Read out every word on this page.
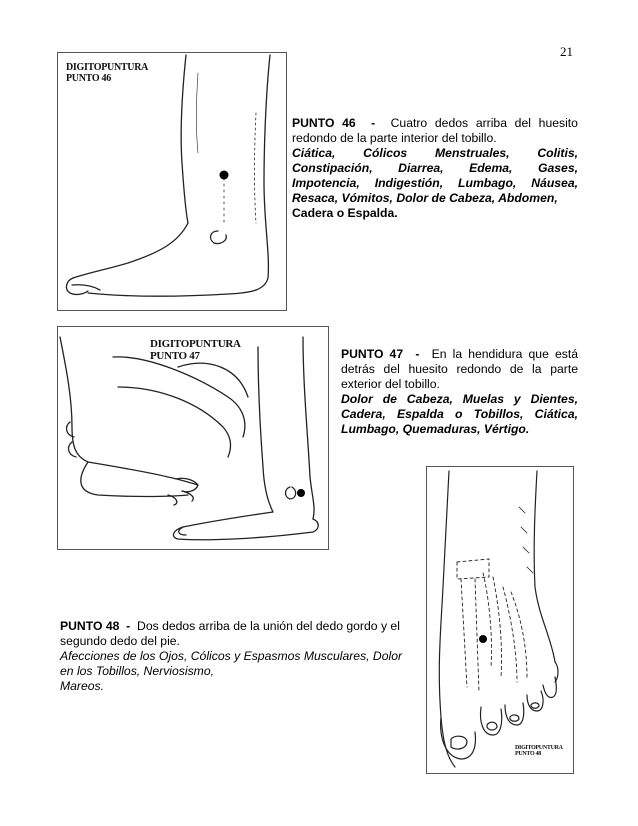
21
DIGITOPUNTURA
PUNTO 46

PUNTO 46 - Cuatro dedos arriba del huesito redondo de la parte interior del tobillo.

Ciática, Cólicos Menstruales, Colitis, Constipación, Diarrea, Edema, Gases, Impotencia, Indigestión, Lumbago, Náusea, Resaca, Vómitos, Dolor de Cabeza, Abdomen,

Cadera o Espalda.

DIGITOPUNTURA
PUNTO 47	PUNTO 47 - En la hendidura que está detrás del huesito redondo de la parte exterior del tobillo.

Dolor de Cabeza, Muelas y Dientes, Cadera, Espalda o Tobillos, Ciática, Lumbago, Quemaduras, Vértigo.

DIGITOPUNTURA
PUNTO 48

PUNTO 48 - Dos dedos arriba de la unión del dedo gordo y el segundo dedo del pie.

Afecciones de los Ojos, Cólicos y Espasmos Musculares, Dolor en los Tobillos, Nerviosismo,

Mareos.
